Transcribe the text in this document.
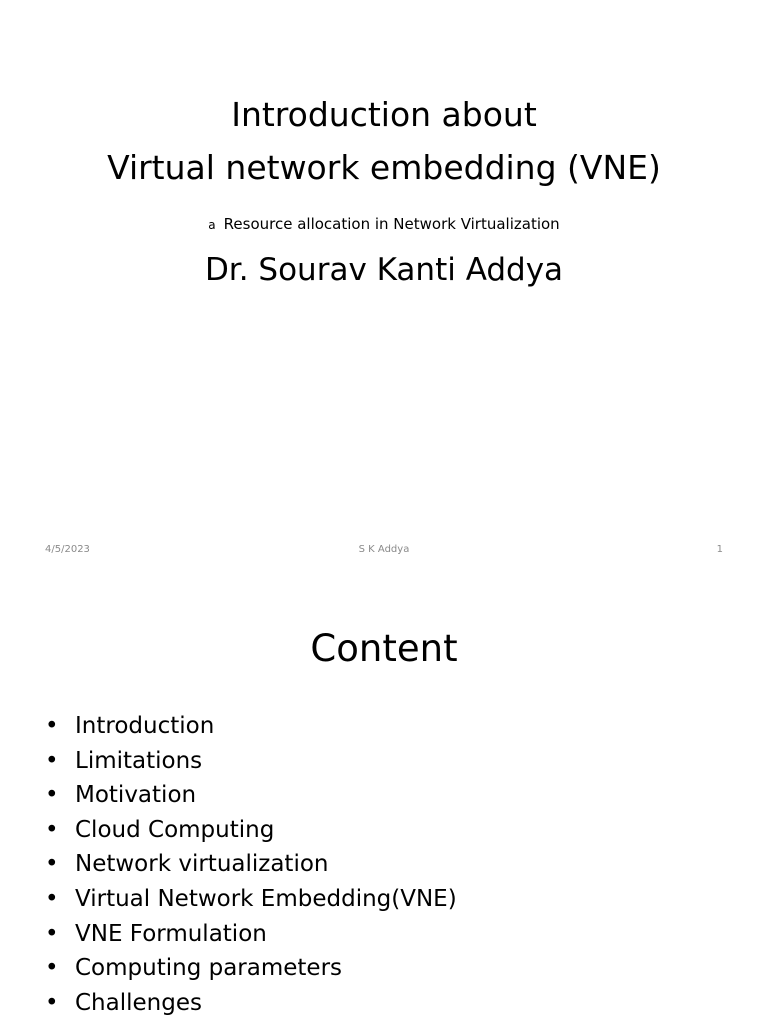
Introduction about
Virtual network embedding (VNE)
a Resource allocation in Network Virtualization
Dr. Sourav Kanti Addya
4/5/2023	S K Addya	1
Content
• Introduction
• Limitations
• Motivation
• Cloud Computing
• Network virtualization
• Virtual Network Embedding(VNE)
• VNE Formulation
• Computing parameters
• Challenges
